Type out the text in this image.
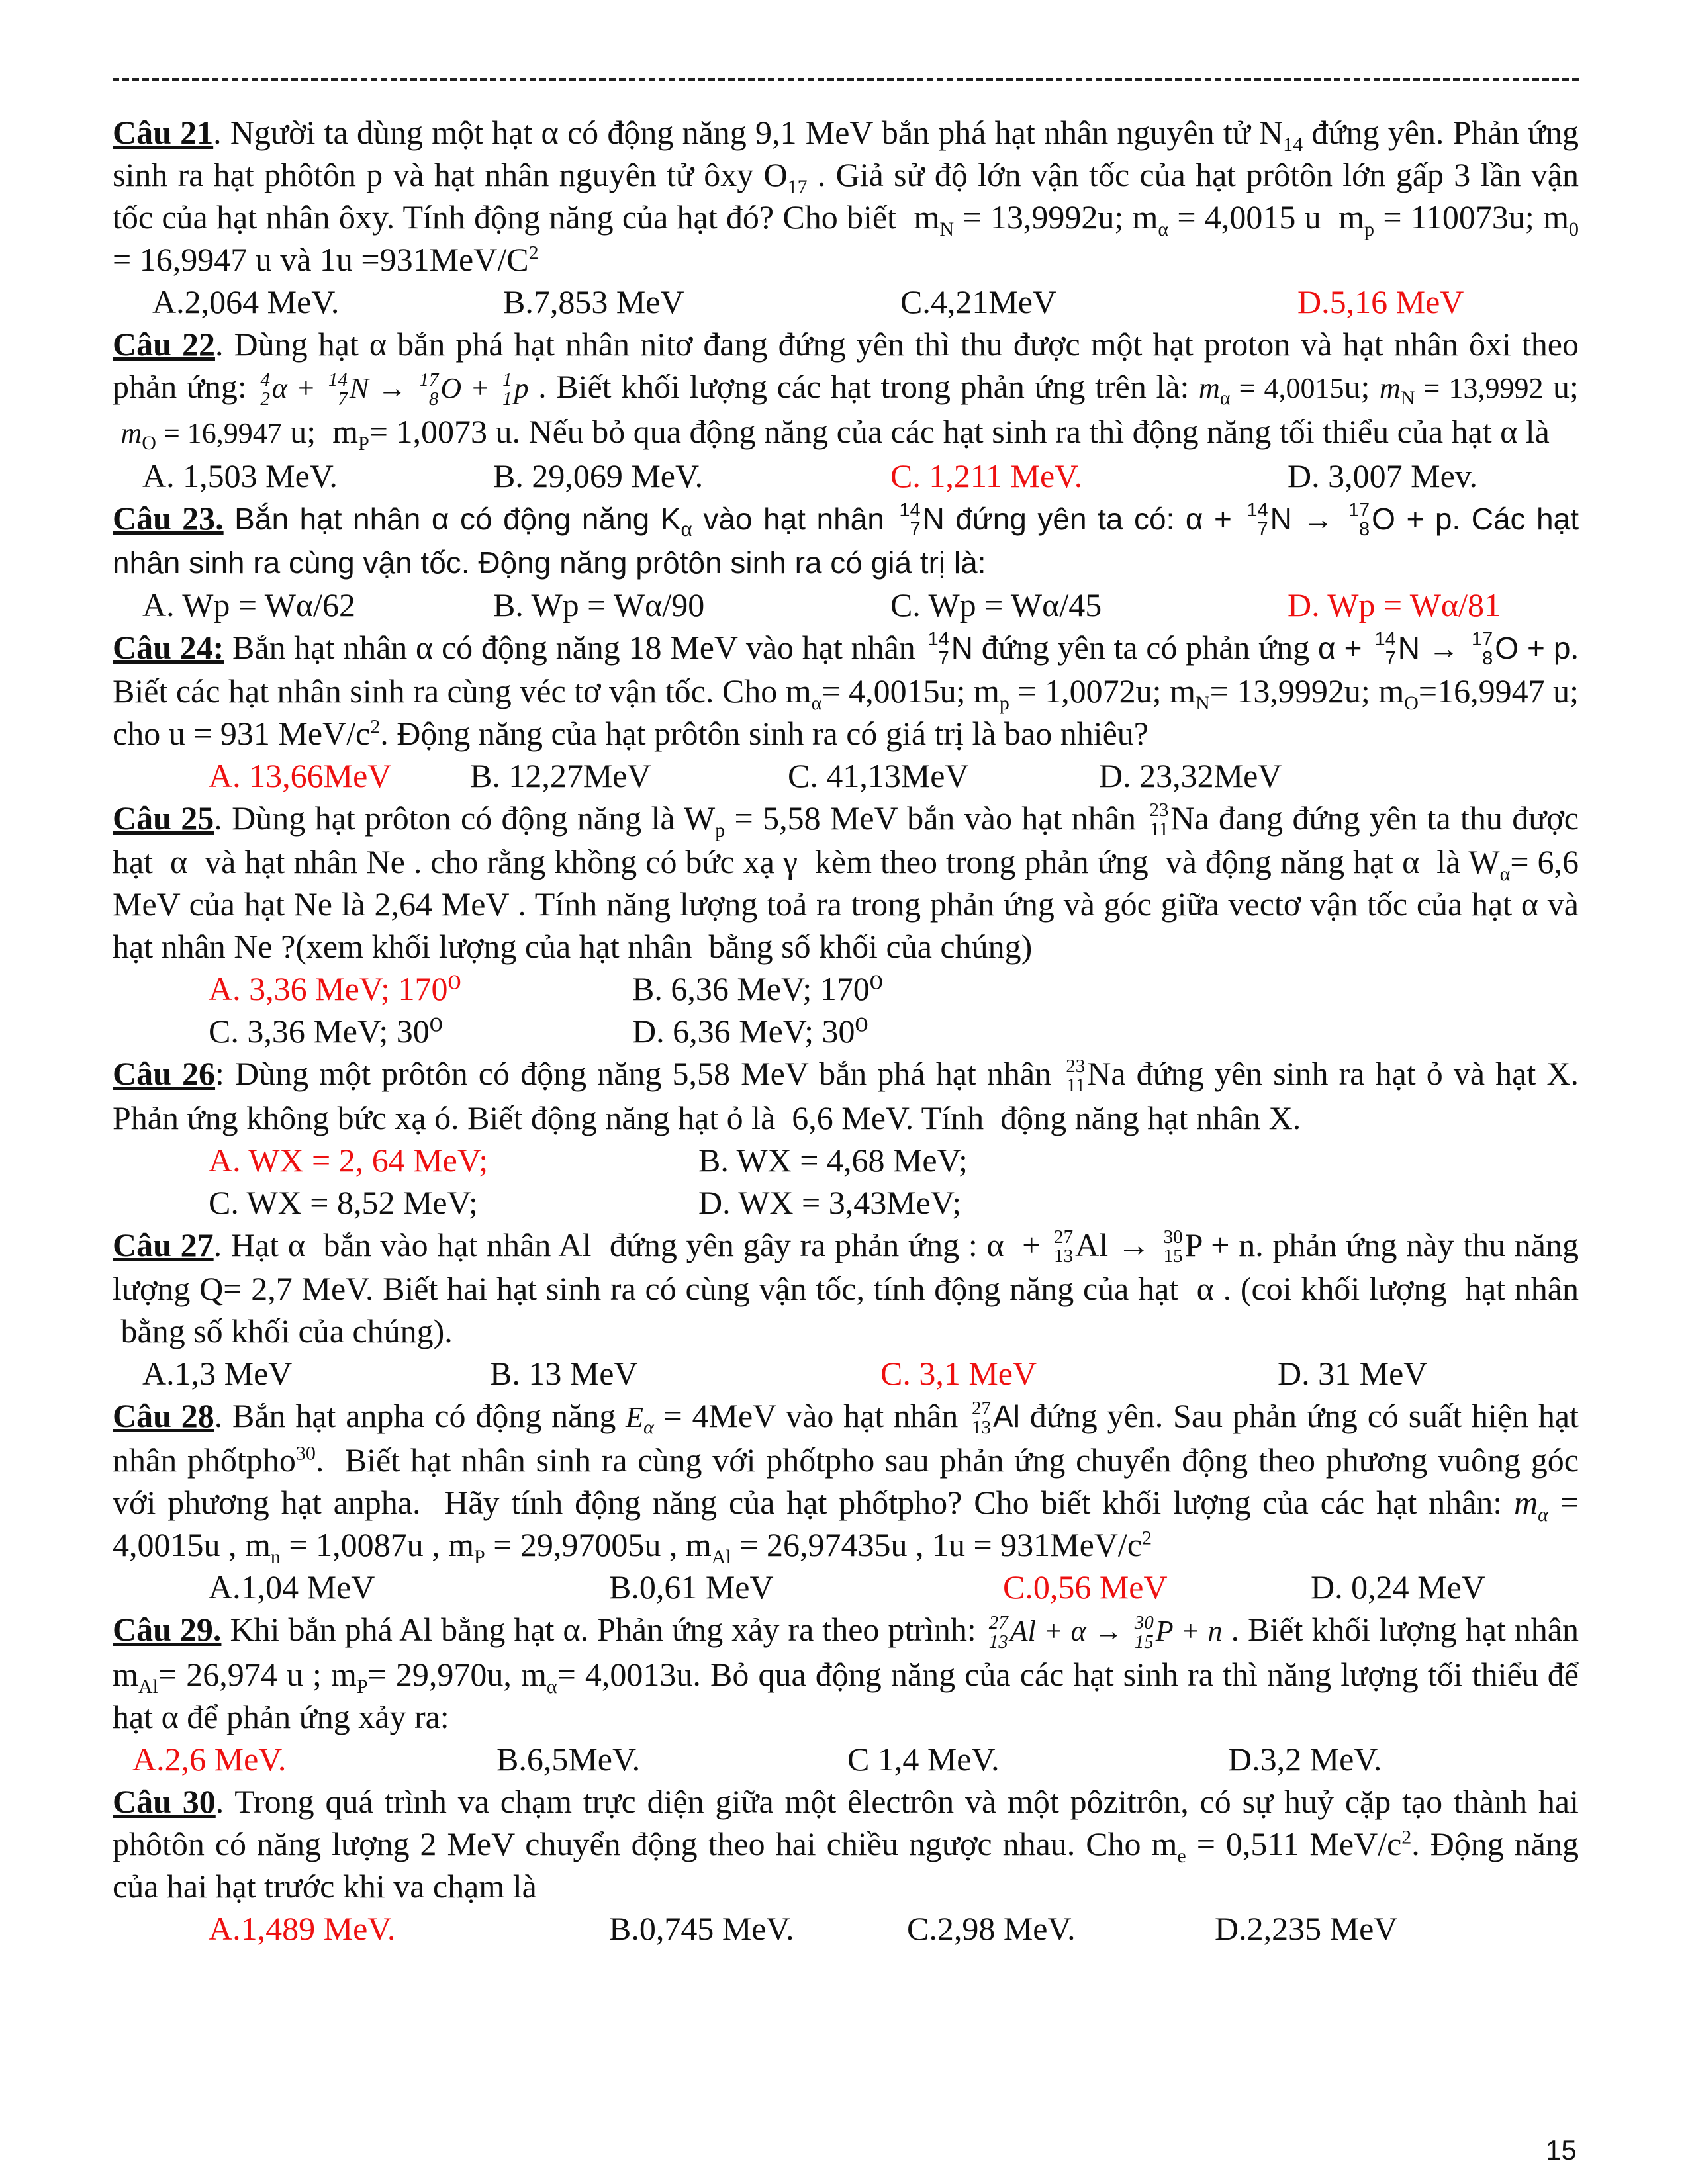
Câu 21. Người ta dùng một hạt α có động năng 9,1 MeV bắn phá hạt nhân nguyên tử $N_{14}$ đứng yên. Phản ứng sinh ra hạt phôtôn p và hạt nhân nguyên tử ôxy $O_{17}$ . Giả sử độ lớn vận tốc của hạt prôtôn lớn gấp 3 lần vận tốc của hạt nhân ôxy. Tính động năng của hạt đó? Cho biết  $m_N = 13,9992u$; $m_\alpha = 4,0015$ u  $m_p = 110073u$; $m_0 = 16,9947$ u và $1u =931MeV/C^2$

A.2,064 MeV.	B.7,853 MeV	C.4,21MeV	D.5,16 MeV

Câu 22. Dùng hạt α bắn phá hạt nhân nitơ đang đứng yên thì thu được một hạt proton và hạt nhân ôxi theo phản ứng: 4
2 α + 14
7 N → 17
8 O + 1
1 p . Biết khối lượng các hạt trong phản ứng trên là: $m_\alpha = 4,0015u$; $m_N = 13,9992$ u;  $m_O = 16,9947$ u;  $m_P= 1,0073$ u. Nếu bỏ qua động năng của các hạt sinh ra thì động năng tối thiểu của hạt α là

A. 1,503 MeV.	B. 29,069 MeV.	C. 1,211 MeV.	D. 3,007 Mev.

Câu 23. Bắn hạt nhân α có động năng $K_\alpha$ vào hạt nhân 14
7 N đứng yên ta có: α + 14
7 N → 17
8 O + p. Các hạt nhân sinh ra cùng vận tốc. Động năng prôtôn sinh ra có giá trị là:

A. Wp = Wα/62	B. Wp = Wα/90	C. Wp = Wα/45	D. Wp = Wα/81

Câu 24: Bắn hạt nhân α có động năng 18 MeV vào hạt nhân 14
7 N đứng yên ta có phản ứng α + 14
7 N → 17
8 O + p. Biết các hạt nhân sinh ra cùng véc tơ vận tốc. Cho $m_\alpha= 4,0015u$; $m_p = 1,0072u$; $m_N= 13,9992u$; $m_O=16,9947$ u; cho u = 931 MeV/$c^2$. Động năng của hạt prôtôn sinh ra có giá trị là bao nhiêu?

A. 13,66MeV	B. 12,27MeV	C. 41,13MeV	D. 23,32MeV

Câu 25. Dùng hạt prôton có động năng là $W_p = 5,58$ MeV bắn vào hạt nhân 23
11 Na đang đứng yên ta thu được hạt  α  và hạt nhân Ne . cho rằng khồng có bức xạ γ  kèm theo trong phản ứng  và động năng hạt α  là $W_\alpha= 6,6$ MeV của hạt Ne là 2,64 MeV . Tính năng lượng toả ra trong phản ứng và góc giữa vectơ vận tốc của hạt α và hạt nhân Ne ?(xem khối lượng của hạt nhân  bằng số khối của chúng)

A. 3,36 MeV; 170⁰	B. 6,36 MeV; 170⁰
C. 3,36 MeV; 30⁰	D. 6,36 MeV; 30⁰

Câu 26: Dùng một prôtôn có động năng 5,58 MeV bắn phá hạt nhân 23
11 Na đứng yên sinh ra hạt ỏ và hạt X. Phản ứng không bức xạ ó. Biết động năng hạt ỏ là  6,6 MeV. Tính  động năng hạt nhân X.

A. WX = 2, 64 MeV;	B. WX = 4,68 MeV;
C. WX = 8,52 MeV;	D. WX = 3,43MeV;

Câu 27. Hạt α  bắn vào hạt nhân Al  đứng yên gây ra phản ứng : α  + 27
13 Al → 30
15 P + n. phản ứng này thu năng lượng Q= 2,7 MeV. Biết hai hạt sinh ra có cùng vận tốc, tính động năng của hạt  α . (coi khối lượng  hạt nhân  bằng số khối của chúng).

A.1,3 MeV	B. 13 MeV	C. 3,1 MeV	D. 31 MeV

Câu 28. Bắn hạt anpha có động năng $E_\alpha = 4MeV$ vào hạt nhân 27
13 Al đứng yên. Sau phản ứng có suất hiện hạt nhân phốtpho$^{30}$.  Biết hạt nhân sinh ra cùng với phốtpho sau phản ứng chuyển động theo phương vuông góc với phương hạt anpha.  Hãy tính động năng của hạt phốtpho? Cho biết khối lượng của các hạt nhân: $m_\alpha = 4,0015u$ , $m_n = 1,0087u$ , $m_P = 29,97005u$ , $m_{Al} = 26,97435u$ , $1u = 931MeV/c^2$

A.1,04 MeV	B.0,61 MeV	C.0,56 MeV	D. 0,24 MeV

Câu 29. Khi bắn phá Al bằng hạt α. Phản ứng xảy ra theo ptrình: 27
13 Al + α → 30
15 P + n . Biết khối lượng hạt nhân $m_{Al}= 26,974$ u ; $m_P= 29,970u$, $m_\alpha= 4,0013u$. Bỏ qua động năng của các hạt sinh ra thì năng lượng tối thiểu để hạt α để phản ứng xảy ra:

A.2,6 MeV.	B.6,5MeV.	C 1,4 MeV.	D.3,2 MeV.

Câu 30. Trong quá trình va chạm trực diện giữa một êlectrôn và một pôzitrôn, có sự huỷ cặp tạo thành hai phôtôn có năng lượng 2 MeV chuyển động theo hai chiều ngược nhau. Cho $m_e = 0,511$ MeV/$c^2$. Động năng của hai hạt trước khi va chạm là

A.1,489 MeV.	B.0,745 MeV.	C.2,98 MeV.	D.2,235 MeV
15
